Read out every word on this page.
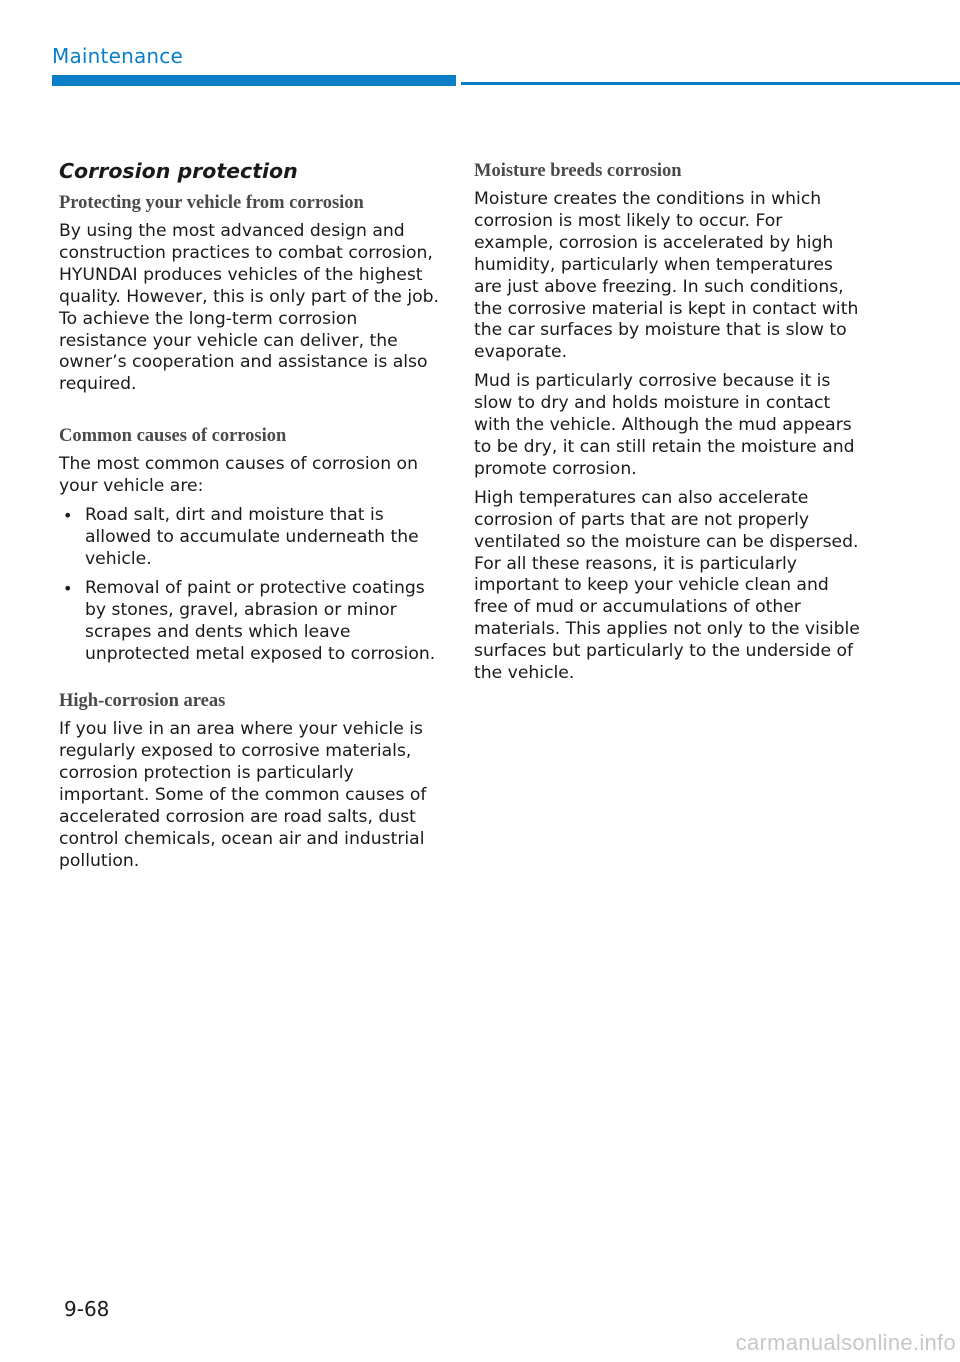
Maintenance
Corrosion protection
Protecting your vehicle from corrosion

By using the most advanced design and construction practices to combat corrosion, HYUNDAI produces vehicles of the highest quality. However, this is only part of the job. To achieve the long-term corrosion resistance your vehicle can deliver, the owner’s cooperation and assistance is also required.

Common causes of corrosion

The most common causes of corrosion on your vehicle are:

• Road salt, dirt and moisture that is allowed to accumulate underneath the vehicle.
• Removal of paint or protective coatings by stones, gravel, abrasion or minor scrapes and dents which leave unprotected metal exposed to corrosion.
High-corrosion areas

If you live in an area where your vehicle is regularly exposed to corrosive materials, corrosion protection is particularly important. Some of the common causes of accelerated corrosion are road salts, dust control chemicals, ocean air and industrial pollution.

Moisture breeds corrosion

Moisture creates the conditions in which corrosion is most likely to occur. For example, corrosion is accelerated by high humidity, particularly when temperatures are just above freezing. In such conditions, the corrosive material is kept in contact with the car surfaces by moisture that is slow to evaporate.

Mud is particularly corrosive because it is slow to dry and holds moisture in contact with the vehicle. Although the mud appears to be dry, it can still retain the moisture and promote corrosion.

High temperatures can also accelerate corrosion of parts that are not properly ventilated so the moisture can be dispersed. For all these reasons, it is particularly important to keep your vehicle clean and free of mud or accumulations of other materials. This applies not only to the visible surfaces but particularly to the underside of the vehicle.

9-68
carmanualsonline.info
